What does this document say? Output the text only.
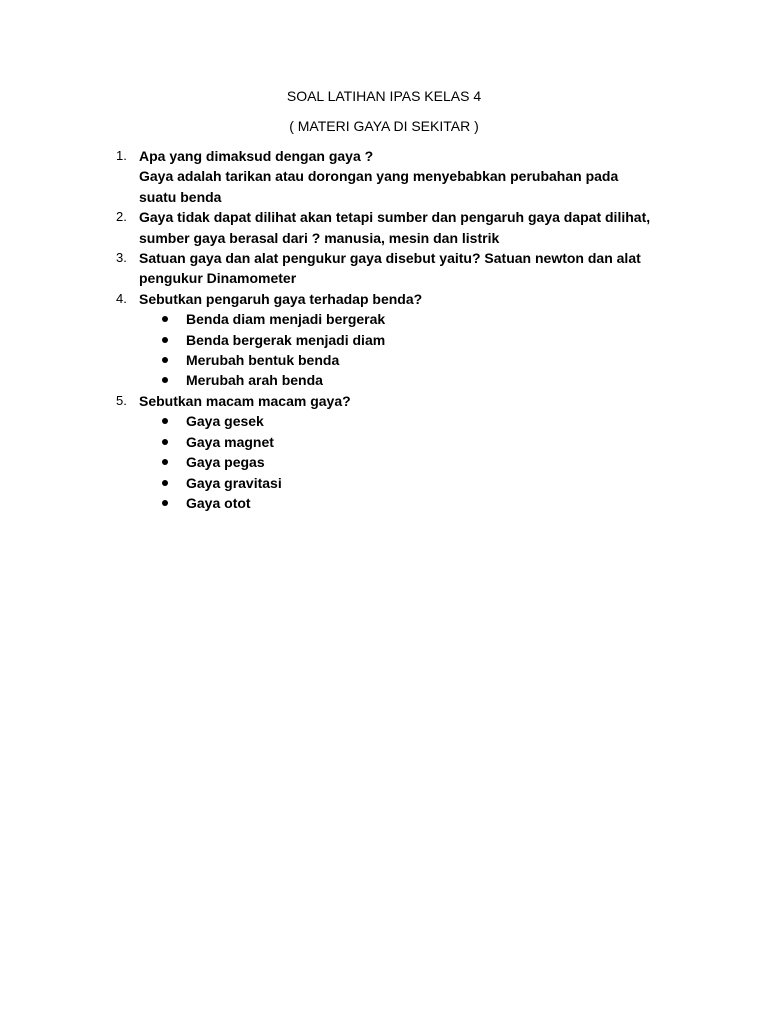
SOAL LATIHAN IPAS KELAS 4
( MATERI GAYA DI SEKITAR )
1. Apa yang dimaksud dengan gaya ?
Gaya adalah tarikan atau dorongan yang menyebabkan perubahan pada suatu benda
2. Gaya tidak dapat dilihat akan tetapi sumber dan pengaruh gaya dapat dilihat, sumber gaya berasal dari ? manusia, mesin dan listrik
3. Satuan gaya dan alat pengukur gaya disebut yaitu? Satuan newton dan alat pengukur Dinamometer
4. Sebutkan pengaruh gaya terhadap benda?
Benda diam menjadi bergerak
Benda bergerak menjadi diam
Merubah bentuk benda
Merubah arah benda
5. Sebutkan macam macam gaya?
Gaya gesek
Gaya magnet
Gaya pegas
Gaya gravitasi
Gaya otot
